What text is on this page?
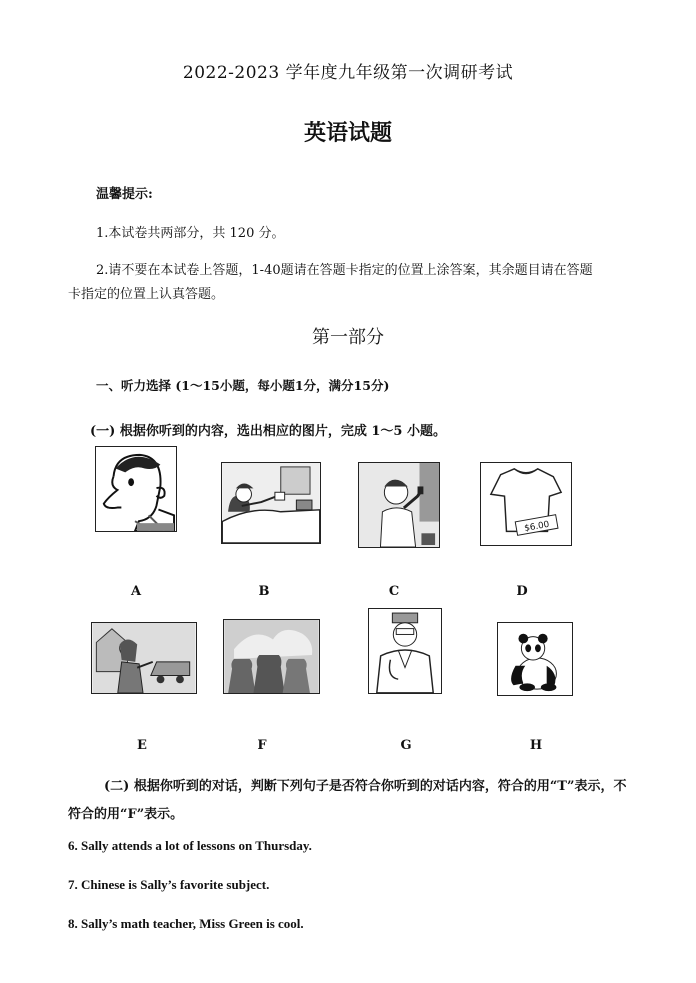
2022-2023 学年度九年级第一次调研考试
英语试题
温馨提示:
1.本试卷共两部分，共 120 分。
2.请不要在本试卷上答题，1-40题请在答题卡指定的位置上涂答案，其余题目请在答题
卡指定的位置上认真答题。
第一部分
一、听力选择 (1～15小题，每小题1分，满分15分)
(一) 根据你听到的内容，选出相应的图片，完成 1～5 小题。
A	B	C
$6.00
D
E	F	G	H
(二) 根据你听到的对话，判断下列句子是否符合你听到的对话内容，符合的用“T”表示，不符合的用“F”表示。
6. Sally attends a lot of lessons on Thursday.
7. Chinese is Sally’s favorite subject.
8. Sally’s math teacher, Miss Green is cool.
